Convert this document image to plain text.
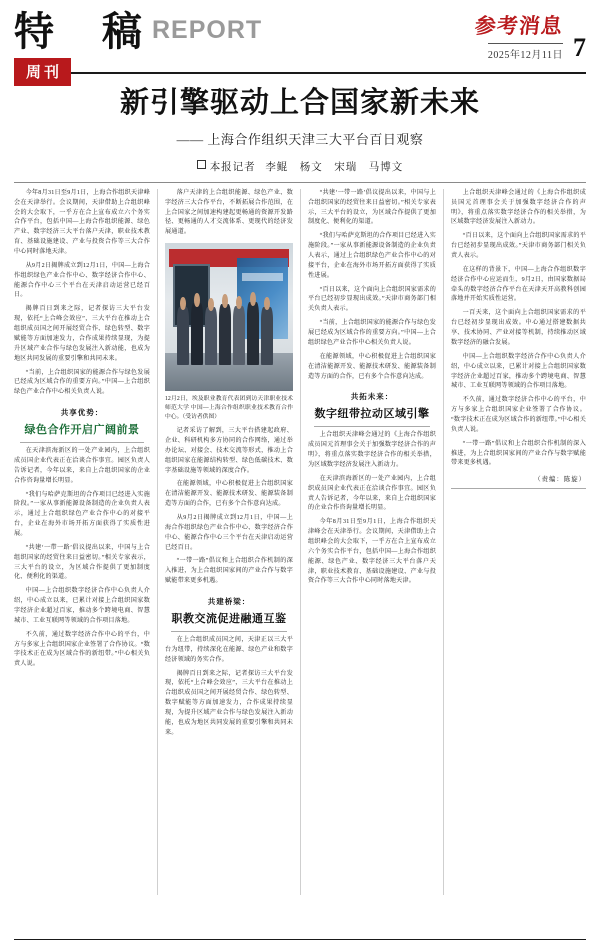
特　稿
周刊
REPORT	参考消息
2025年12月11日 7
新引擎驱动上合国家新未来
—— 上海合作组织天津三大平台百日观察
本报记者 李鲲　杨文　宋瑞　马博文

今年8月31日至9月1日，上海合作组织天津峰会在天津举行。会议期间，天津借助上合组织峰会的大会取下，一乎方在合上宣布成立六个务实合作平台，包括中国—上海合作组织能源、绿色产业、数字经济三大平台落户天津，职业技术教育、基础设施建设、产业与投资合作等三大合作中心同时落地天津。

从9月2日揭牌成立到12月1日，中国—上海合作组织绿色产业合作中心、数字经济合作中心、能源合作中心三个平台在天津启动运营已经百日。

揭牌百日到来之际，记者探访三大平台发现，依托“上合峰会效应”，三大平台在推动上合组织成员国之间开展经贸合作、绿色转型、数字赋能等方面加速发力，合作成果持续显现，为提升区域产业合作与绿色发展注入新动能，也成为地区共同发展的重要引擎和共同未来。

“当前，上合组织国家的能源合作与绿色发展已经成为区域合作的重要方向。”中国—上合组织绿色产业合作中心相关负责人说。

共享优势：
绿色合作开启广阔前景

在天津滨海新区的一处产业园内，上合组织成员国企业代表正在洽谈合作事宜。园区负责人告诉记者，今年以来，来自上合组织国家的企业合作咨询量增长明显。

“我们与哈萨克斯坦的合作项目已经进入实施阶段。”一家从事新能源设备制造的企业负责人表示，通过上合组织绿色产业合作中心的对接平台，企业在海外市场开拓方面获得了实质性进展。

“共建‘一带一路’倡议提出以来，中国与上合组织国家的经贸往来日益密切。”相关专家表示，三大平台的设立，为区域合作提供了更加制度化、便利化的渠道。

中国—上合组织数字经济合作中心负责人介绍，中心成立以来，已累计对接上合组织国家数字经济企业超过百家，推动多个跨境电商、智慧城市、工业互联网等领域的合作项目落地。

不久前，通过数字经济合作中心的平台，中方与多家上合组织国家企业签署了合作协议。“数字技术正在成为区域合作的新纽带。”中心相关负责人说。

落户天津的上合组织能源、绿色产业、数字经济三大合作平台，不断拓展合作范围，在上合国家之间加速构建起更畅通的资源开发路径、更畅通的人才交流体系、更现代的经济发展通道。

12月2日，埃及职业教育代表团到访天津职业技术师范大学 中国—上海合作组织职业技术教育合作中心。（受访者供图）

记者采访了解到，三大平台搭建起政府、企业、科研机构多方协同的合作网络，通过举办论坛、对接会、技术交流等形式，推动上合组织国家在能源结构转型、绿色低碳技术、数字基础设施等领域的深度合作。

在能源领域，中心积极促进上合组织国家在清洁能源开发、能源技术研发、能源装备制造等方面的合作，已有多个合作意向达成。

从9月2日揭牌成立到12月1日，中国—上海合作组织绿色产业合作中心、数字经济合作中心、能源合作中心三个平台在天津启动运营已经百日。

“一带一路”倡议和上合组织合作机制的深入推进，为上合组织国家间的产业合作与数字赋能带来更多机遇。

共建桥梁：
职教交流促进融通互鉴

在上合组织成员国之间，天津正以三大平台为纽带，持续深化在能源、绿色产业和数字经济领域的务实合作。

揭牌百日到来之际，记者探访三大平台发现，依托“上合峰会效应”，三大平台在推动上合组织成员国之间开展经贸合作、绿色转型、数字赋能等方面加速发力，合作成果持续显现，为提升区域产业合作与绿色发展注入新动能，也成为地区共同发展的重要引擎和共同未来。

“共建‘一带一路’倡议提出以来，中国与上合组织国家的经贸往来日益密切。”相关专家表示，三大平台的设立，为区域合作提供了更加制度化、便利化的渠道。

“我们与哈萨克斯坦的合作项目已经进入实施阶段。”一家从事新能源设备制造的企业负责人表示，通过上合组织绿色产业合作中心的对接平台，企业在海外市场开拓方面获得了实质性进展。

“百日以来，这个面向上合组织国家需求的平台已经初步显现出成效。”天津市商务部门相关负责人表示。

“当前，上合组织国家的能源合作与绿色发展已经成为区域合作的重要方向。”中国—上合组织绿色产业合作中心相关负责人说。

在能源领域，中心积极促进上合组织国家在清洁能源开发、能源技术研发、能源装备制造等方面的合作，已有多个合作意向达成。

共拓未来：
数字纽带拉动区域引擎

上合组织天津峰会通过的《上海合作组织成员国元首理事会关于加强数字经济合作的声明》，将重点落实数字经济合作的相关举措，为区域数字经济发展注入新动力。

在天津滨海新区的一处产业园内，上合组织成员国企业代表正在洽谈合作事宜。园区负责人告诉记者，今年以来，来自上合组织国家的企业合作咨询量增长明显。

今年8月31日至9月1日，上海合作组织天津峰会在天津举行。会议期间，天津借助上合组织峰会的大会取下，一乎方在合上宣布成立六个务实合作平台，包括中国—上海合作组织能源、绿色产业、数字经济三大平台落户天津，职业技术教育、基础设施建设、产业与投资合作等三大合作中心同时落地天津。

上合组织天津峰会通过的《上海合作组织成员国元首理事会关于加强数字经济合作的声明》，将重点落实数字经济合作的相关举措，为区域数字经济发展注入新动力。

“百日以来，这个面向上合组织国家需求的平台已经初步显现出成效。”天津市商务部门相关负责人表示。

在这样的背景下，中国—上海合作组织数字经济合作中心应运而生，9月2日，由国家数据局牵头的数字经济合作平台在天津天开高教科创园落地并开始实质性运营。

一百天来，这个面向上合组织国家需求的平台已经初步显现出成效。中心通过搭建数据共享、技术协同、产业对接等机制，持续推动区域数字经济的融合发展。

中国—上合组织数字经济合作中心负责人介绍，中心成立以来，已累计对接上合组织国家数字经济企业超过百家，推动多个跨境电商、智慧城市、工业互联网等领域的合作项目落地。

不久前，通过数字经济合作中心的平台，中方与多家上合组织国家企业签署了合作协议。“数字技术正在成为区域合作的新纽带。”中心相关负责人说。

“一带一路”倡议和上合组织合作机制的深入推进，为上合组织国家间的产业合作与数字赋能带来更多机遇。

（责编：陈旋）
